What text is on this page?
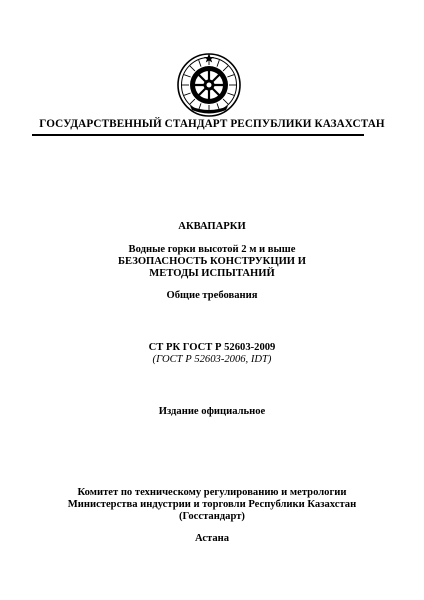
ГОСУДАРСТВЕННЫЙ СТАНДАРТ РЕСПУБЛИКИ КАЗАХСТАН
АКВАПАРКИ
Водные горки высотой 2 м и выше
БЕЗОПАСНОСТЬ КОНСТРУКЦИИ И
МЕТОДЫ ИСПЫТАНИЙ
Общие требования
СТ РК ГОСТ Р 52603-2009
(ГОСТ Р 52603-2006, IDT)
Издание официальное
Комитет по техническому регулированию и метрологии
Министерства индустрии и торговли Республики Казахстан
(Госстандарт)
Астана
